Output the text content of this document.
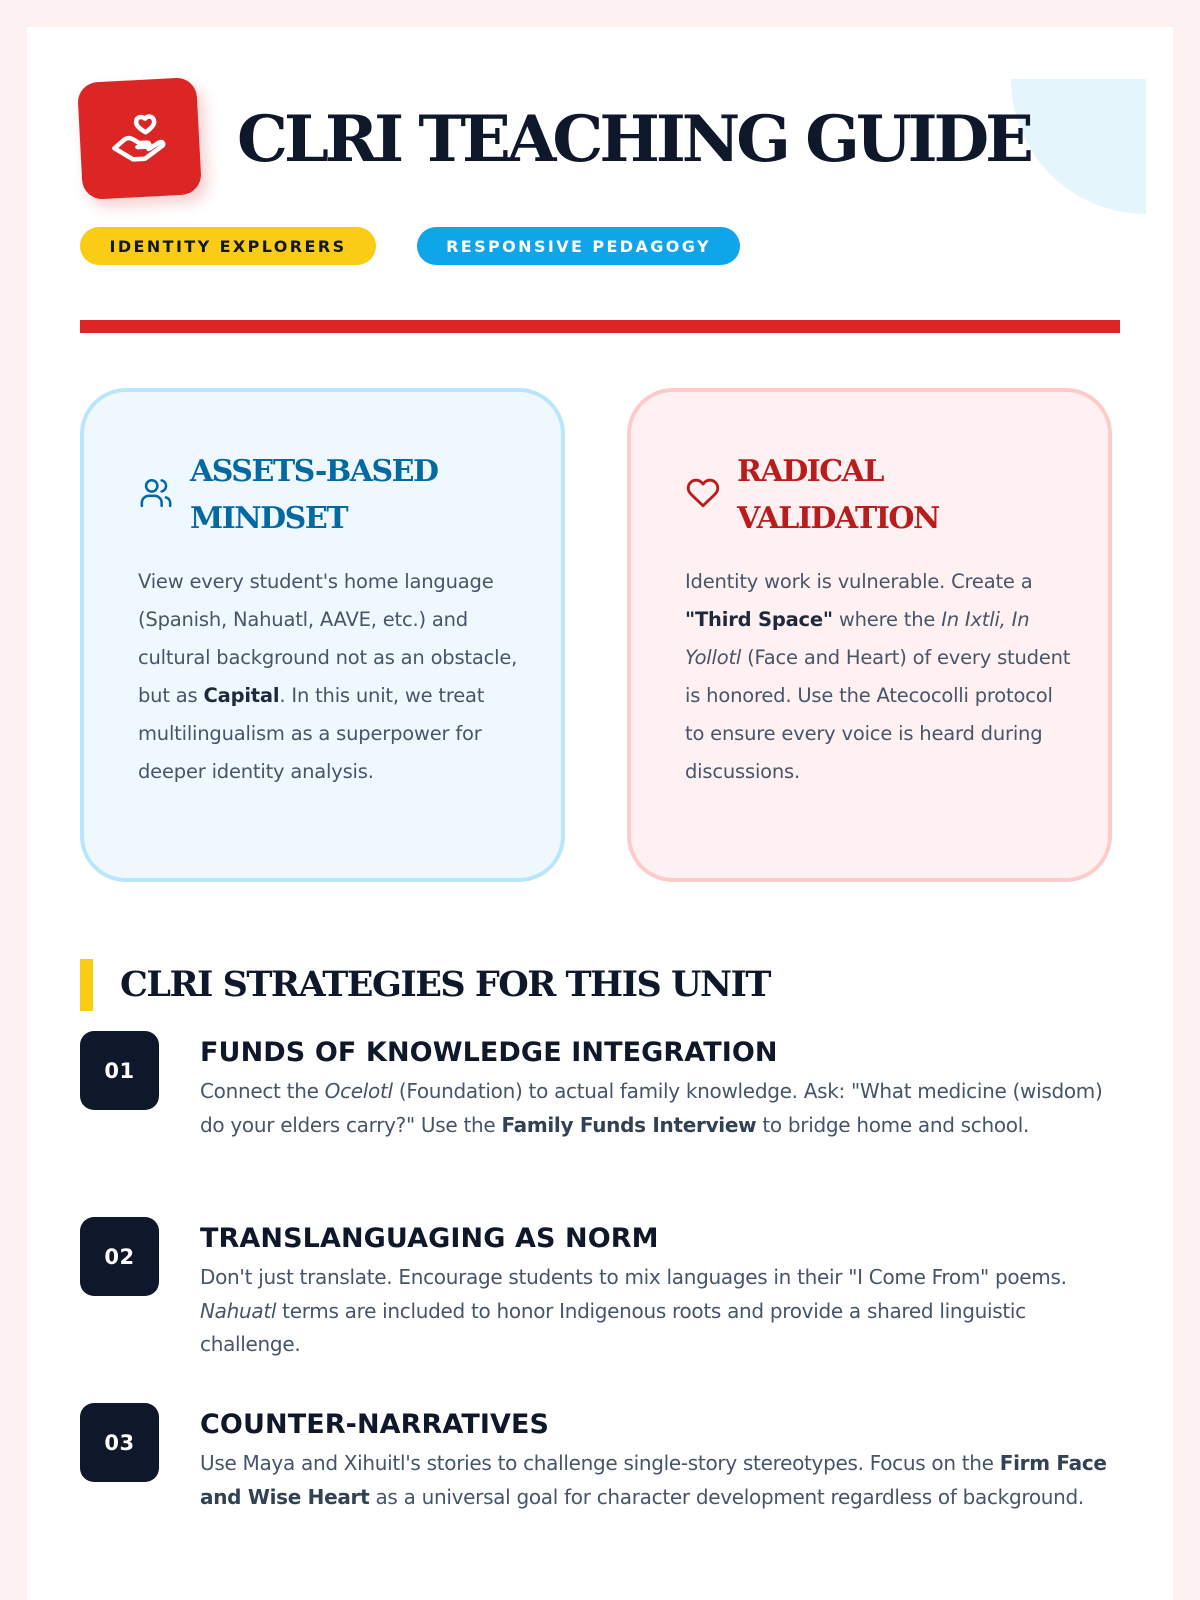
CLRI TEACHING GUIDE
IDENTITY EXPLORERS	RESPONSIVE PEDAGOGY
ASSETS-BASED MINDSET

View every student's home language (Spanish, Nahuatl, AAVE, etc.) and cultural background not as an obstacle, but as Capital. In this unit, we treat multilingualism as a superpower for deeper identity analysis.

RADICAL VALIDATION

Identity work is vulnerable. Create a "Third Space" where the In Ixtli, In Yollotl (Face and Heart) of every student is honored. Use the Atecocolli protocol to ensure every voice is heard during discussions.

CLRI STRATEGIES FOR THIS UNIT
01
FUNDS OF KNOWLEDGE INTEGRATION

Connect the Ocelotl (Foundation) to actual family knowledge. Ask: "What medicine (wisdom) do your elders carry?" Use the Family Funds Interview to bridge home and school.

02
TRANSLANGUAGING AS NORM

Don't just translate. Encourage students to mix languages in their "I Come From" poems. Nahuatl terms are included to honor Indigenous roots and provide a shared linguistic challenge.

03
COUNTER-NARRATIVES

Use Maya and Xihuitl's stories to challenge single-story stereotypes. Focus on the Firm Face and Wise Heart as a universal goal for character development regardless of background.
